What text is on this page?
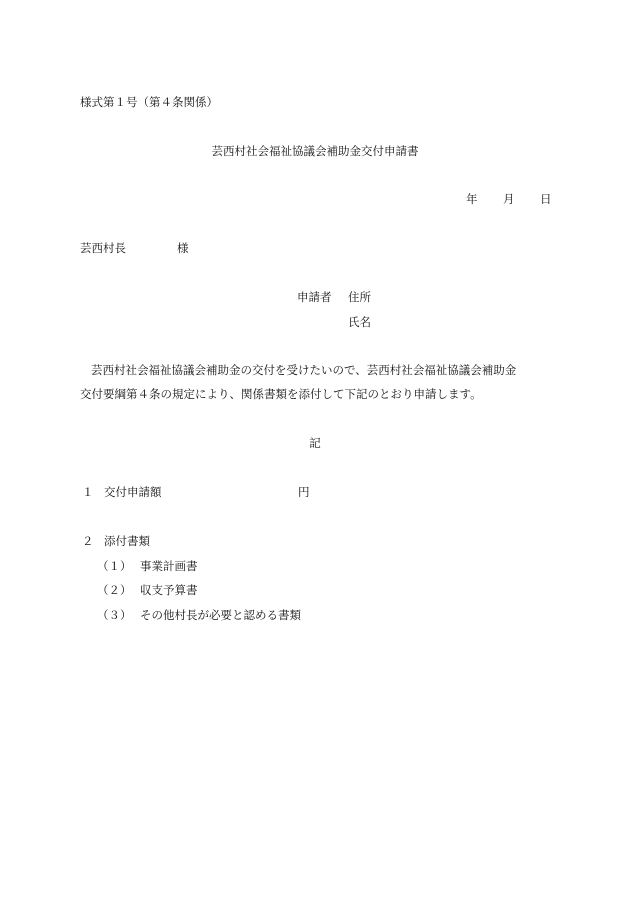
様式第１号（第４条関係）
芸西村社会福祉協議会補助金交付申請書
年 月 日
芸西村長	様
申請者 住所
氏名
芸西村社会福祉協議会補助金の交付を受けたいので、芸西村社会福祉協議会補助金
交付要綱第４条の規定により、関係書類を添付して下記のとおり申請します。
記
１ 交付申請額	円
２ 添付書類
（１） 事業計画書
（２） 収支予算書
（３） その他村長が必要と認める書類
